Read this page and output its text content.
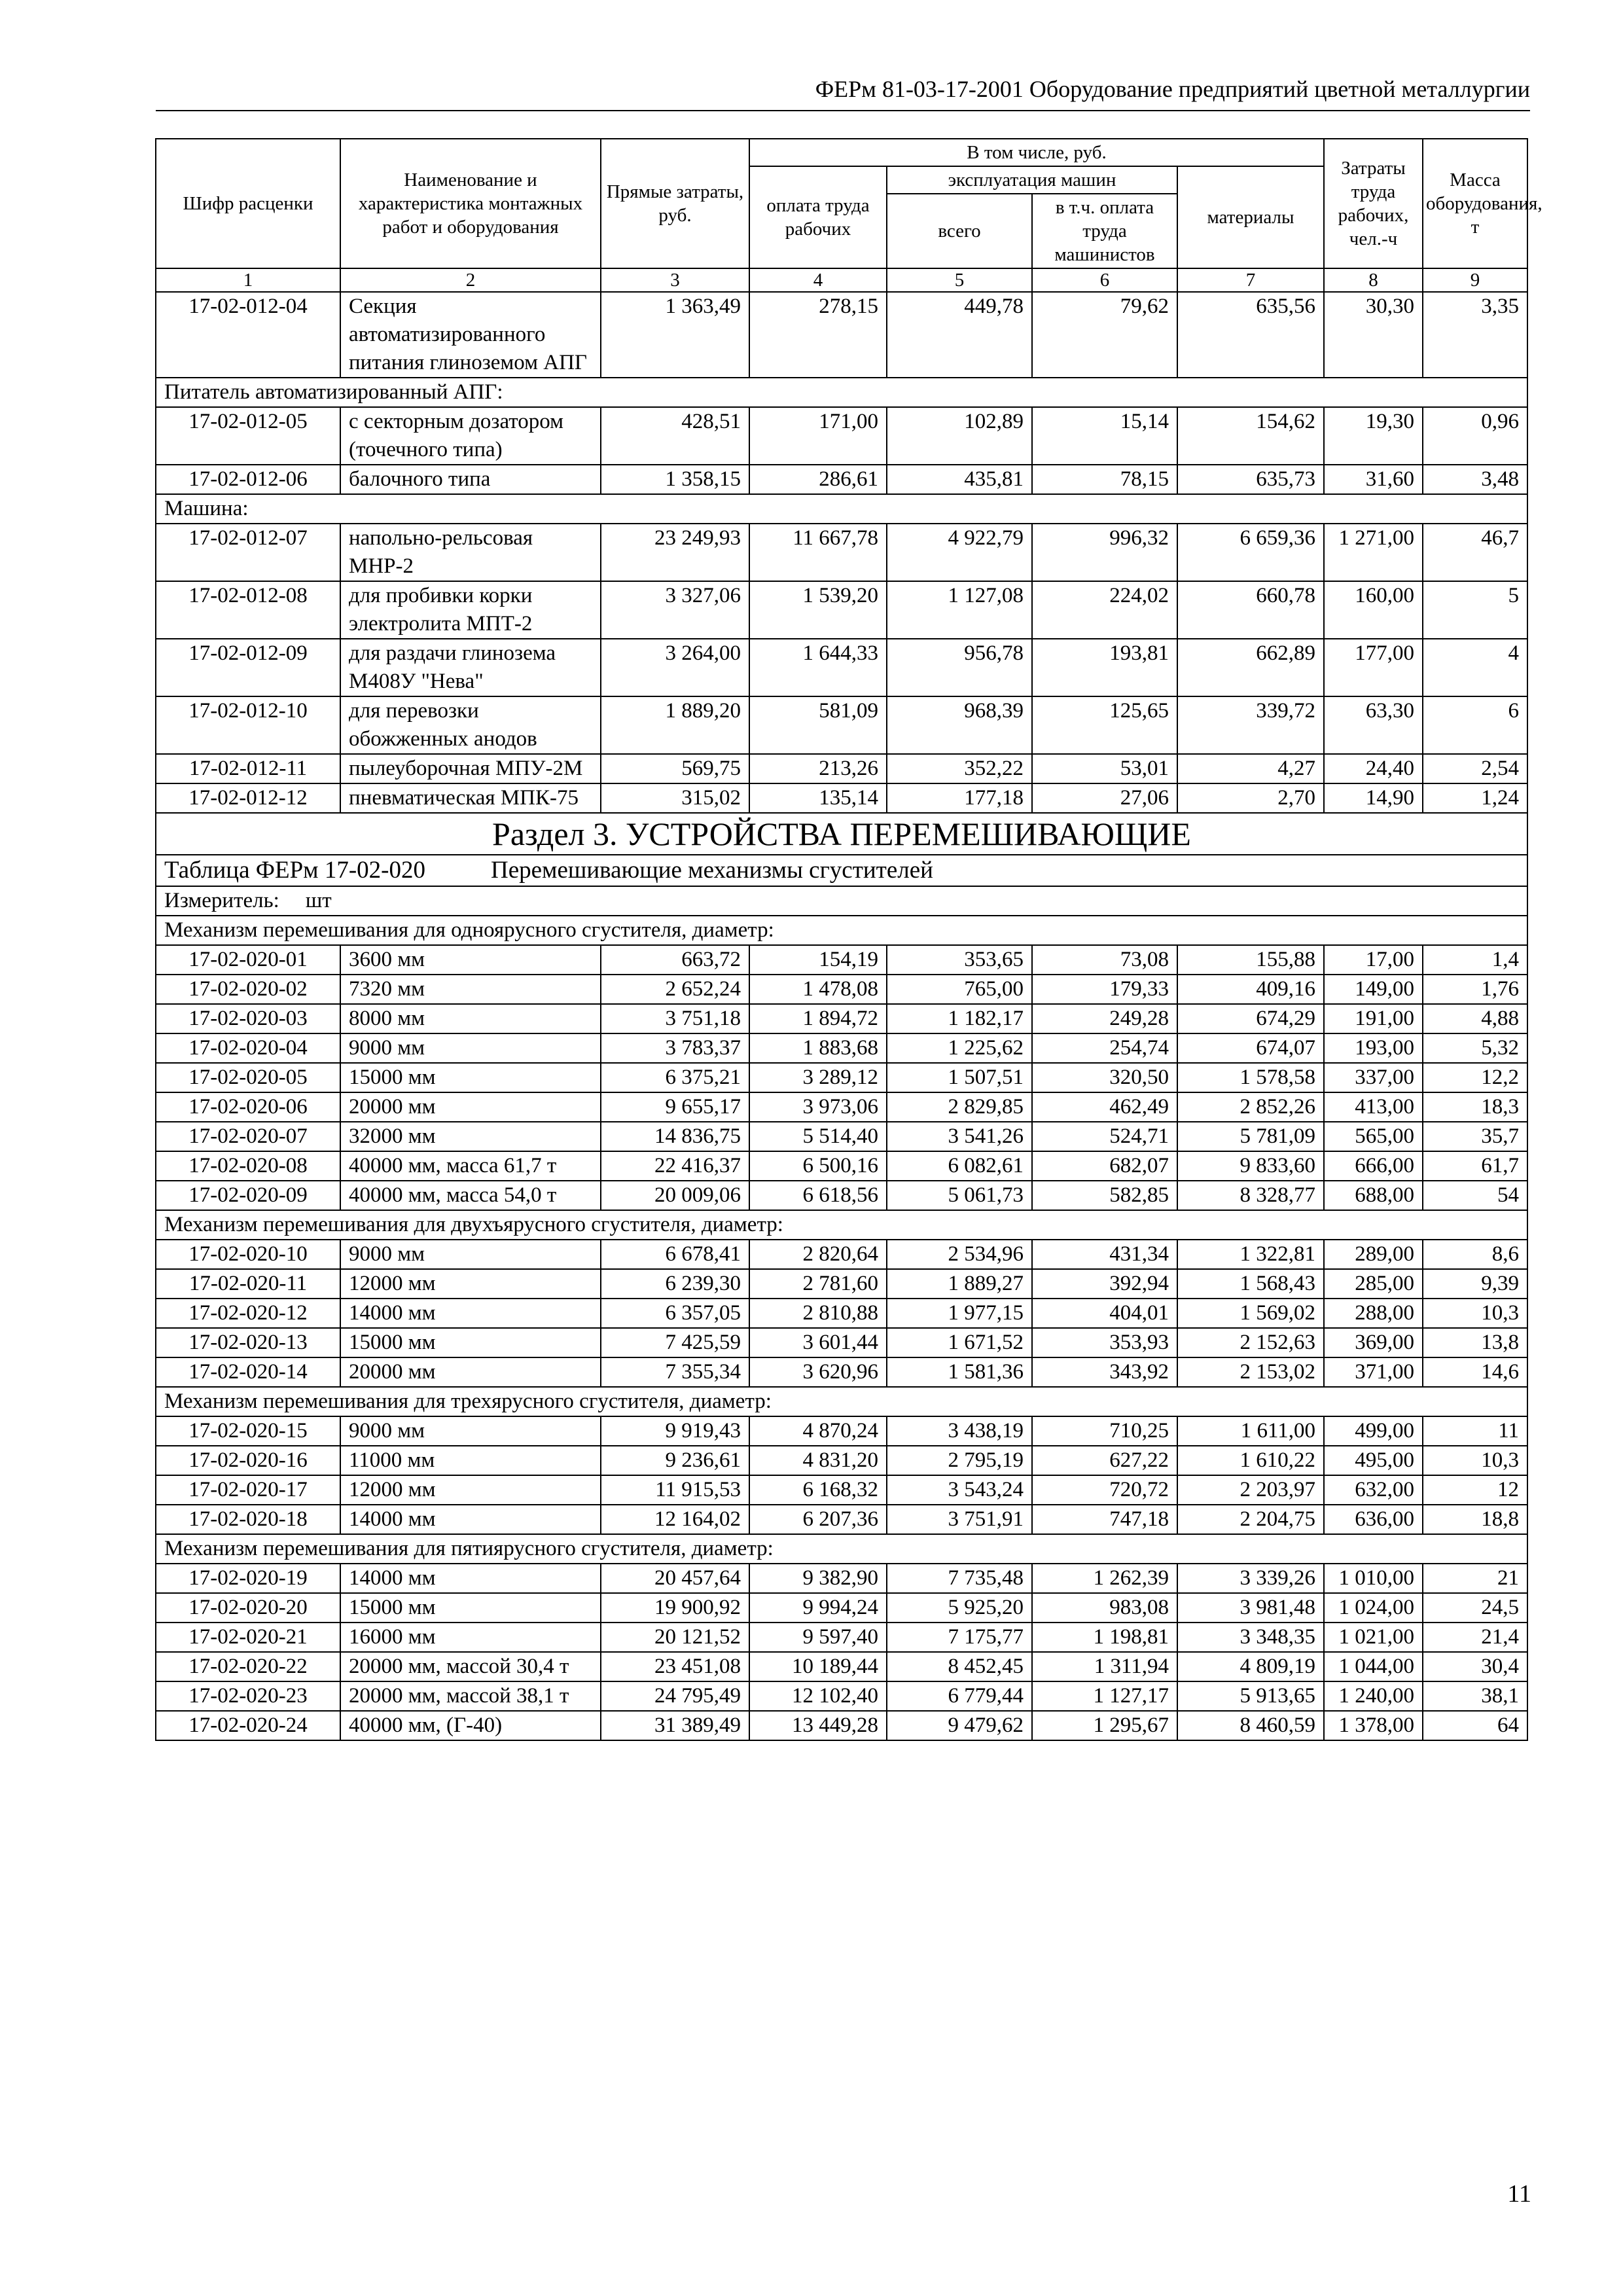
ФЕРм 81-03-17-2001 Оборудование предприятий цветной металлургии
Шифр расценки	Наименование и характеристика монтажных работ и оборудования	Прямые затраты, руб.	В том числе, руб.				Затраты труда рабочих, чел.-ч	Масса оборудования, т
			оплата труда рабочих	эксплуатация машин		материалы		
				всего	в т.ч. оплата труда машинистов			
1	2	3	4	5	6	7	8	9
17-02-012-04	Секция автоматизированного питания глиноземом АПГ	1 363,49	278,15	449,78	79,62	635,56	30,30	3,35
Питатель автоматизированный АПГ:								
17-02-012-05	с секторным дозатором (точечного типа)	428,51	171,00	102,89	15,14	154,62	19,30	0,96
17-02-012-06	балочного типа	1 358,15	286,61	435,81	78,15	635,73	31,60	3,48
Машина:								
17-02-012-07	напольно-рельсовая МНР-2	23 249,93	11 667,78	4 922,79	996,32	6 659,36	1 271,00	46,7
17-02-012-08	для пробивки корки электролита МПТ-2	3 327,06	1 539,20	1 127,08	224,02	660,78	160,00	5
17-02-012-09	для раздачи глинозема М408У "Нева"	3 264,00	1 644,33	956,78	193,81	662,89	177,00	4
17-02-012-10	для перевозки обожженных анодов	1 889,20	581,09	968,39	125,65	339,72	63,30	6
17-02-012-11	пылеуборочная МПУ-2М	569,75	213,26	352,22	53,01	4,27	24,40	2,54
17-02-012-12	пневматическая МПК-75	315,02	135,14	177,18	27,06	2,70	14,90	1,24
Раздел 3. УСТРОЙСТВА ПЕРЕМЕШИВАЮЩИЕ								
Таблица ФЕРм 17-02-020 Перемешивающие механизмы сгустителей								
Измеритель: шт								
Механизм перемешивания для одноярусного сгустителя, диаметр:								
17-02-020-01	3600 мм	663,72	154,19	353,65	73,08	155,88	17,00	1,4
17-02-020-02	7320 мм	2 652,24	1 478,08	765,00	179,33	409,16	149,00	1,76
17-02-020-03	8000 мм	3 751,18	1 894,72	1 182,17	249,28	674,29	191,00	4,88
17-02-020-04	9000 мм	3 783,37	1 883,68	1 225,62	254,74	674,07	193,00	5,32
17-02-020-05	15000 мм	6 375,21	3 289,12	1 507,51	320,50	1 578,58	337,00	12,2
17-02-020-06	20000 мм	9 655,17	3 973,06	2 829,85	462,49	2 852,26	413,00	18,3
17-02-020-07	32000 мм	14 836,75	5 514,40	3 541,26	524,71	5 781,09	565,00	35,7
17-02-020-08	40000 мм, масса 61,7 т	22 416,37	6 500,16	6 082,61	682,07	9 833,60	666,00	61,7
17-02-020-09	40000 мм, масса 54,0 т	20 009,06	6 618,56	5 061,73	582,85	8 328,77	688,00	54
Механизм перемешивания для двухъярусного сгустителя, диаметр:								
17-02-020-10	9000 мм	6 678,41	2 820,64	2 534,96	431,34	1 322,81	289,00	8,6
17-02-020-11	12000 мм	6 239,30	2 781,60	1 889,27	392,94	1 568,43	285,00	9,39
17-02-020-12	14000 мм	6 357,05	2 810,88	1 977,15	404,01	1 569,02	288,00	10,3
17-02-020-13	15000 мм	7 425,59	3 601,44	1 671,52	353,93	2 152,63	369,00	13,8
17-02-020-14	20000 мм	7 355,34	3 620,96	1 581,36	343,92	2 153,02	371,00	14,6
Механизм перемешивания для трехярусного сгустителя, диаметр:								
17-02-020-15	9000 мм	9 919,43	4 870,24	3 438,19	710,25	1 611,00	499,00	11
17-02-020-16	11000 мм	9 236,61	4 831,20	2 795,19	627,22	1 610,22	495,00	10,3
17-02-020-17	12000 мм	11 915,53	6 168,32	3 543,24	720,72	2 203,97	632,00	12
17-02-020-18	14000 мм	12 164,02	6 207,36	3 751,91	747,18	2 204,75	636,00	18,8
Механизм перемешивания для пятиярусного сгустителя, диаметр:								
17-02-020-19	14000 мм	20 457,64	9 382,90	7 735,48	1 262,39	3 339,26	1 010,00	21
17-02-020-20	15000 мм	19 900,92	9 994,24	5 925,20	983,08	3 981,48	1 024,00	24,5
17-02-020-21	16000 мм	20 121,52	9 597,40	7 175,77	1 198,81	3 348,35	1 021,00	21,4
17-02-020-22	20000 мм, массой 30,4 т	23 451,08	10 189,44	8 452,45	1 311,94	4 809,19	1 044,00	30,4
17-02-020-23	20000 мм, массой 38,1 т	24 795,49	12 102,40	6 779,44	1 127,17	5 913,65	1 240,00	38,1
17-02-020-24	40000 мм, (Г-40)	31 389,49	13 449,28	9 479,62	1 295,67	8 460,59	1 378,00	64
11
